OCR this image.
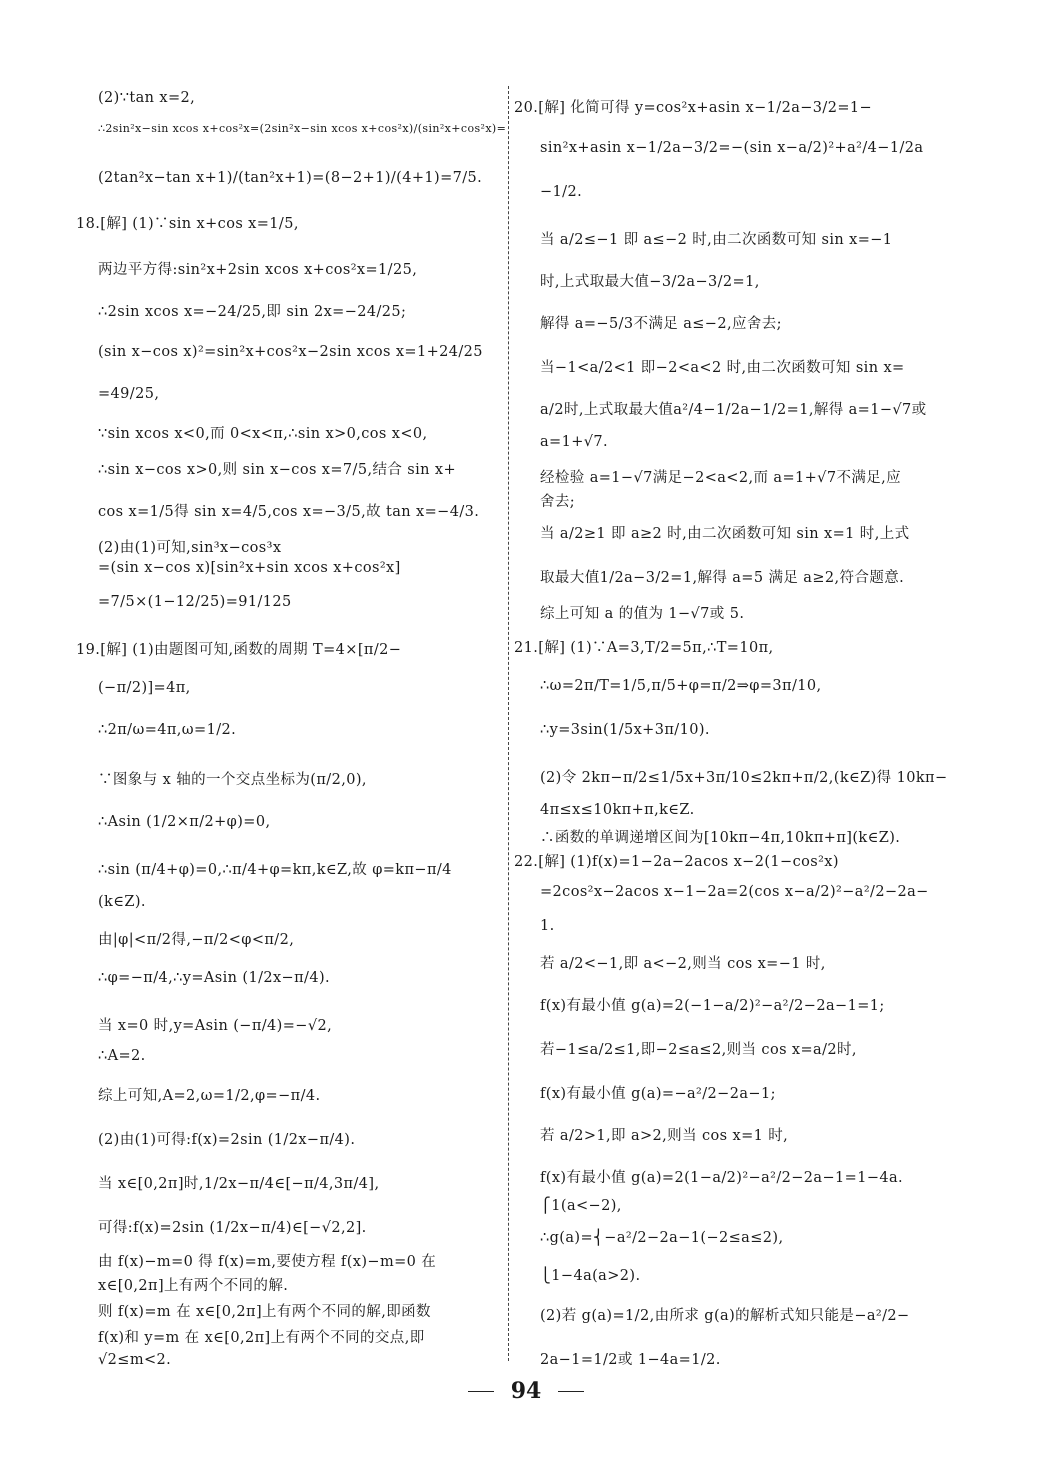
(2)∵tan x=2,
∴2sin²x−sin xcos x+cos²x=(2sin²x−sin xcos x+cos²x)/(sin²x+cos²x)=
(2tan²x−tan x+1)/(tan²x+1)=(8−2+1)/(4+1)=7/5.
18.[解] (1)∵sin x+cos x=1/5,
两边平方得:sin²x+2sin xcos x+cos²x=1/25,
∴2sin xcos x=−24/25,即 sin 2x=−24/25;
(sin x−cos x)²=sin²x+cos²x−2sin xcos x=1+24/25
=49/25,
∵sin xcos x<0,而 0<x<π,∴sin x>0,cos x<0,
∴sin x−cos x>0,则 sin x−cos x=7/5,结合 sin x+
cos x=1/5得 sin x=4/5,cos x=−3/5,故 tan x=−4/3.
(2)由(1)可知,sin³x−cos³x
=(sin x−cos x)[sin²x+sin xcos x+cos²x]
=7/5×(1−12/25)=91/125
19.[解] (1)由题图可知,函数的周期 T=4×[π/2−
(−π/2)]=4π,
∴2π/ω=4π,ω=1/2.
∵图象与 x 轴的一个交点坐标为(π/2,0),
∴Asin (1/2×π/2+φ)=0,
∴sin (π/4+φ)=0,∴π/4+φ=kπ,k∈Z,故 φ=kπ−π/4
(k∈Z).
由|φ|<π/2得,−π/2<φ<π/2,
∴φ=−π/4,∴y=Asin (1/2x−π/4).
当 x=0 时,y=Asin (−π/4)=−√2,
∴A=2.
综上可知,A=2,ω=1/2,φ=−π/4.
(2)由(1)可得:f(x)=2sin (1/2x−π/4).
当 x∈[0,2π]时,1/2x−π/4∈[−π/4,3π/4],
可得:f(x)=2sin (1/2x−π/4)∈[−√2,2].
由 f(x)−m=0 得 f(x)=m,要使方程 f(x)−m=0 在
x∈[0,2π]上有两个不同的解.
则 f(x)=m 在 x∈[0,2π]上有两个不同的解,即函数
f(x)和 y=m 在 x∈[0,2π]上有两个不同的交点,即
√2≤m<2.
20.[解] 化简可得 y=cos²x+asin x−1/2a−3/2=1−
sin²x+asin x−1/2a−3/2=−(sin x−a/2)²+a²/4−1/2a
−1/2.
当 a/2≤−1 即 a≤−2 时,由二次函数可知 sin x=−1
时,上式取最大值−3/2a−3/2=1,
解得 a=−5/3不满足 a≤−2,应舍去;
当−1<a/2<1 即−2<a<2 时,由二次函数可知 sin x=
a/2时,上式取最大值a²/4−1/2a−1/2=1,解得 a=1−√7或
a=1+√7.
经检验 a=1−√7满足−2<a<2,而 a=1+√7不满足,应
舍去;
当 a/2≥1 即 a≥2 时,由二次函数可知 sin x=1 时,上式
取最大值1/2a−3/2=1,解得 a=5 满足 a≥2,符合题意.
综上可知 a 的值为 1−√7或 5.
21.[解] (1)∵A=3,T/2=5π,∴T=10π,
∴ω=2π/T=1/5,π/5+φ=π/2⇒φ=3π/10,
∴y=3sin(1/5x+3π/10).
(2)令 2kπ−π/2≤1/5x+3π/10≤2kπ+π/2,(k∈Z)得 10kπ−
4π≤x≤10kπ+π,k∈Z.
∴函数的单调递增区间为[10kπ−4π,10kπ+π](k∈Z).
22.[解] (1)f(x)=1−2a−2acos x−2(1−cos²x)
=2cos²x−2acos x−1−2a=2(cos x−a/2)²−a²/2−2a−
1.
若 a/2<−1,即 a<−2,则当 cos x=−1 时,
f(x)有最小值 g(a)=2(−1−a/2)²−a²/2−2a−1=1;
若−1≤a/2≤1,即−2≤a≤2,则当 cos x=a/2时,
f(x)有最小值 g(a)=−a²/2−2a−1;
若 a/2>1,即 a>2,则当 cos x=1 时,
f(x)有最小值 g(a)=2(1−a/2)²−a²/2−2a−1=1−4a.
⎧1(a<−2),
∴g(a)=⎨−a²/2−2a−1(−2≤a≤2),
⎩1−4a(a>2).
(2)若 g(a)=1/2,由所求 g(a)的解析式知只能是−a²/2−
2a−1=1/2或 1−4a=1/2.
94
